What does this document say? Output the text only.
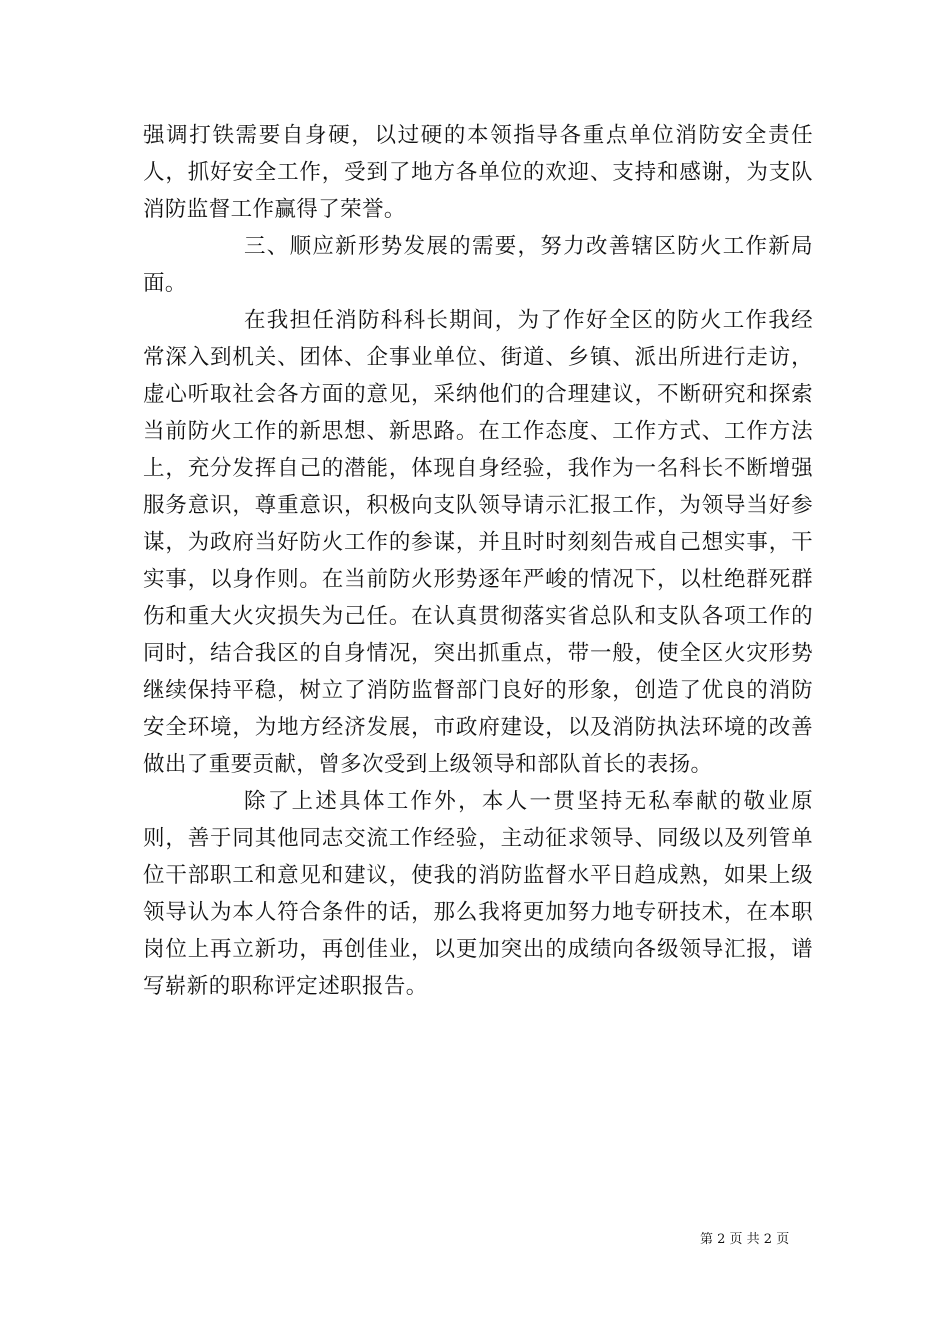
强调打铁需要自身硬，以过硬的本领指导各重点单位消防安全责任人，抓好安全工作，受到了地方各单位的欢迎、支持和感谢，为支队消防监督工作赢得了荣誉。

三、顺应新形势发展的需要，努力改善辖区防火工作新局面。

在我担任消防科科长期间，为了作好全区的防火工作我经常深入到机关、团体、企事业单位、街道、乡镇、派出所进行走访，虚心听取社会各方面的意见，采纳他们的合理建议，不断研究和探索当前防火工作的新思想、新思路。在工作态度、工作方式、工作方法上，充分发挥自己的潜能，体现自身经验，我作为一名科长不断增强服务意识，尊重意识，积极向支队领导请示汇报工作，为领导当好参谋，为政府当好防火工作的参谋，并且时时刻刻告戒自己想实事，干实事，以身作则。在当前防火形势逐年严峻的情况下，以杜绝群死群伤和重大火灾损失为己任。在认真贯彻落实省总队和支队各项工作的同时，结合我区的自身情况，突出抓重点，带一般，使全区火灾形势继续保持平稳，树立了消防监督部门良好的形象，创造了优良的消防安全环境，为地方经济发展，市政府建设，以及消防执法环境的改善做出了重要贡献，曾多次受到上级领导和部队首长的表扬。

除了上述具体工作外，本人一贯坚持无私奉献的敬业原则，善于同其他同志交流工作经验，主动征求领导、同级以及列管单位干部职工和意见和建议，使我的消防监督水平日趋成熟，如果上级领导认为本人符合条件的话，那么我将更加努力地专研技术，在本职岗位上再立新功，再创佳业，以更加突出的成绩向各级领导汇报，谱写崭新的职称评定述职报告。

第 2 页 共 2 页
